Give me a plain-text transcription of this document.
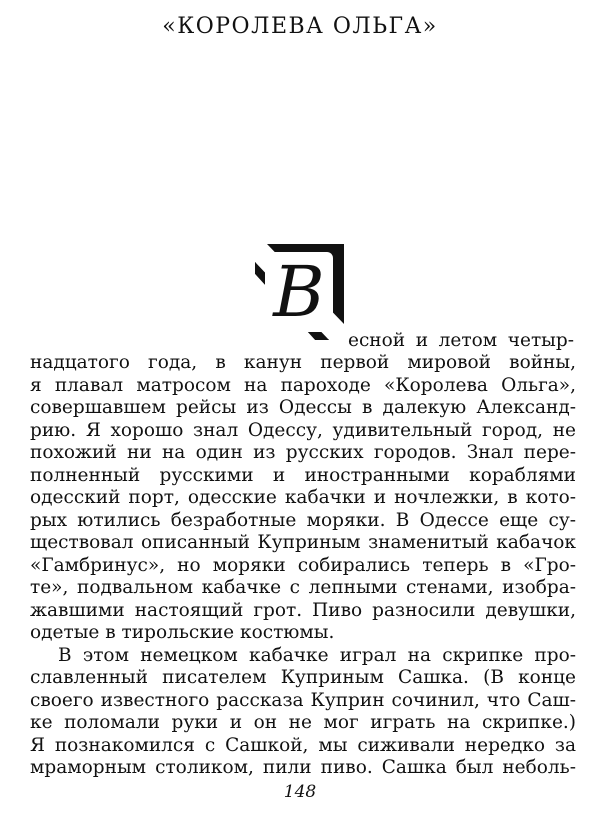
«КОРОЛЕВА ОЛЬГА»
В
есной и летом четыр-
надцатого года, в канун первой мировой войны,
я плавал матросом на пароходе «Королева Ольга»,
совершавшем рейсы из Одессы в далекую Александ-
рию. Я хорошо знал Одессу, удивительный город, не
похожий ни на один из русских городов. Знал пере-
полненный русскими и иностранными кораблями
одесский порт, одесские кабачки и ночлежки, в кото-
рых ютились безработные моряки. В Одессе еще су-
ществовал описанный Куприным знаменитый кабачок
«Гамбринус», но моряки собирались теперь в «Гро-
те», подвальном кабачке с лепными стенами, изобра-
жавшими настоящий грот. Пиво разносили девушки,
одетые в тирольские костюмы.
В этом немецком кабачке играл на скрипке про-
славленный писателем Куприным Сашка. (В конце
своего известного рассказа Куприн сочинил, что Саш-
ке поломали руки и он не мог играть на скрипке.)
Я познакомился с Сашкой, мы сиживали нередко за
мраморным столиком, пили пиво. Сашка был неболь-
148
